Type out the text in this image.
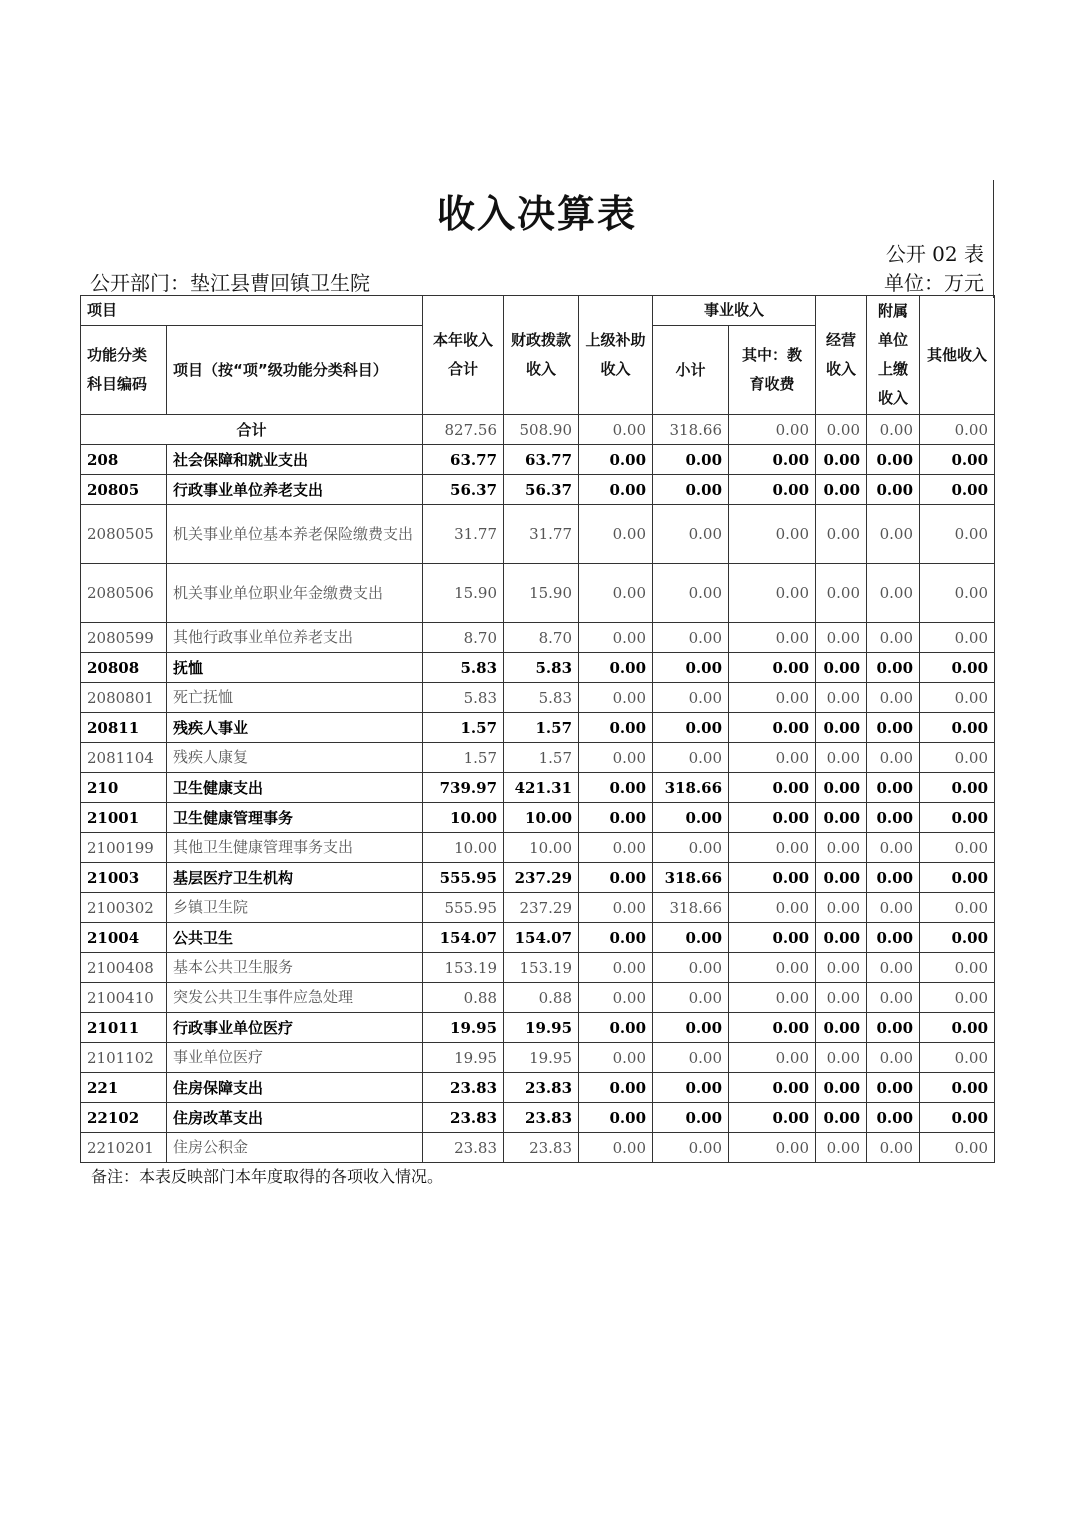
收入决算表
公开 02 表
公开部门：垫江县曹回镇卫生院	单位：万元
项目		本年收入合计	财政拨款收入	上级补助收入	事业收入		经营收入	附属单位上缴收入	其他收入
功能分类科目编码	项目（按“项”级功能分类科目）				小计	其中：教育收费			
合计		827.56	508.90	0.00	318.66	0.00	0.00	0.00	0.00
208	社会保障和就业支出	63.77	63.77	0.00	0.00	0.00	0.00	0.00	0.00
20805	行政事业单位养老支出	56.37	56.37	0.00	0.00	0.00	0.00	0.00	0.00
2080505	机关事业单位基本养老保险缴费支出	31.77	31.77	0.00	0.00	0.00	0.00	0.00	0.00
2080506	机关事业单位职业年金缴费支出	15.90	15.90	0.00	0.00	0.00	0.00	0.00	0.00
2080599	其他行政事业单位养老支出	8.70	8.70	0.00	0.00	0.00	0.00	0.00	0.00
20808	抚恤	5.83	5.83	0.00	0.00	0.00	0.00	0.00	0.00
2080801	死亡抚恤	5.83	5.83	0.00	0.00	0.00	0.00	0.00	0.00
20811	残疾人事业	1.57	1.57	0.00	0.00	0.00	0.00	0.00	0.00
2081104	残疾人康复	1.57	1.57	0.00	0.00	0.00	0.00	0.00	0.00
210	卫生健康支出	739.97	421.31	0.00	318.66	0.00	0.00	0.00	0.00
21001	卫生健康管理事务	10.00	10.00	0.00	0.00	0.00	0.00	0.00	0.00
2100199	其他卫生健康管理事务支出	10.00	10.00	0.00	0.00	0.00	0.00	0.00	0.00
21003	基层医疗卫生机构	555.95	237.29	0.00	318.66	0.00	0.00	0.00	0.00
2100302	乡镇卫生院	555.95	237.29	0.00	318.66	0.00	0.00	0.00	0.00
21004	公共卫生	154.07	154.07	0.00	0.00	0.00	0.00	0.00	0.00
2100408	基本公共卫生服务	153.19	153.19	0.00	0.00	0.00	0.00	0.00	0.00
2100410	突发公共卫生事件应急处理	0.88	0.88	0.00	0.00	0.00	0.00	0.00	0.00
21011	行政事业单位医疗	19.95	19.95	0.00	0.00	0.00	0.00	0.00	0.00
2101102	事业单位医疗	19.95	19.95	0.00	0.00	0.00	0.00	0.00	0.00
221	住房保障支出	23.83	23.83	0.00	0.00	0.00	0.00	0.00	0.00
22102	住房改革支出	23.83	23.83	0.00	0.00	0.00	0.00	0.00	0.00
2210201	住房公积金	23.83	23.83	0.00	0.00	0.00	0.00	0.00	0.00
备注：本表反映部门本年度取得的各项收入情况。
